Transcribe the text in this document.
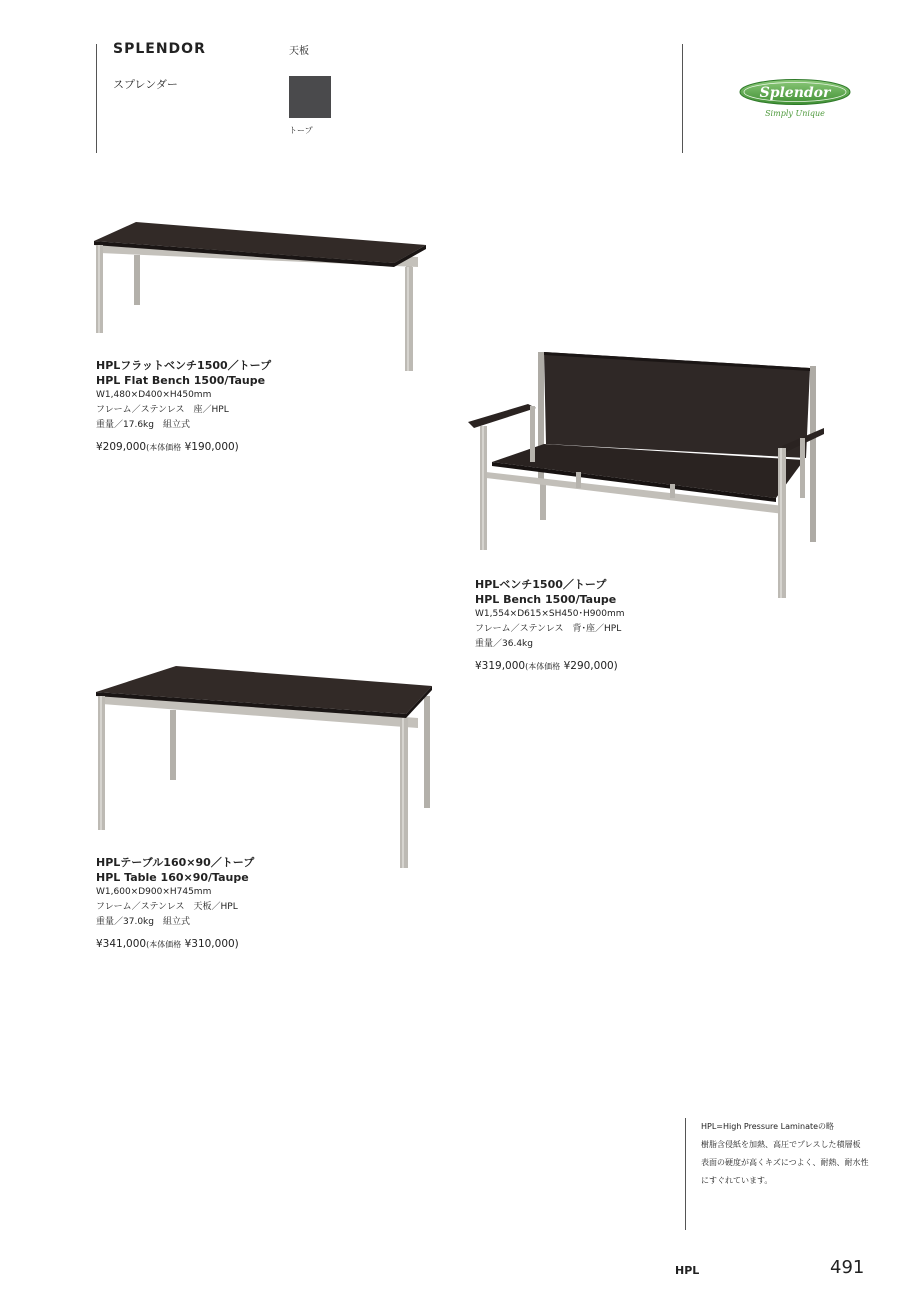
SPLENDOR
スプレンダー
天板
トープ
Splendor
Simply Unique
HPLフラットベンチ1500／トープ
HPL Flat Bench 1500/Taupe
W1,480×D400×H450mm
フレーム／ステンレス　座／HPL
重量／17.6kg　組立式
¥209,000(本体価格 ¥190,000)
HPLベンチ1500／トープ
HPL Bench 1500/Taupe
W1,554×D615×SH450･H900mm
フレーム／ステンレス　背･座／HPL
重量／36.4kg
¥319,000(本体価格 ¥290,000)
HPLテーブル160×90／トープ
HPL Table 160×90/Taupe
W1,600×D900×H745mm
フレーム／ステンレス　天板／HPL
重量／37.0kg　組立式
¥341,000(本体価格 ¥310,000)
HPL=High Pressure Laminateの略
樹脂含侵紙を加熱、高圧でプレスした積層板
表面の硬度が高くキズにつよく、耐熱、耐水性
にすぐれています。
HPL	491
